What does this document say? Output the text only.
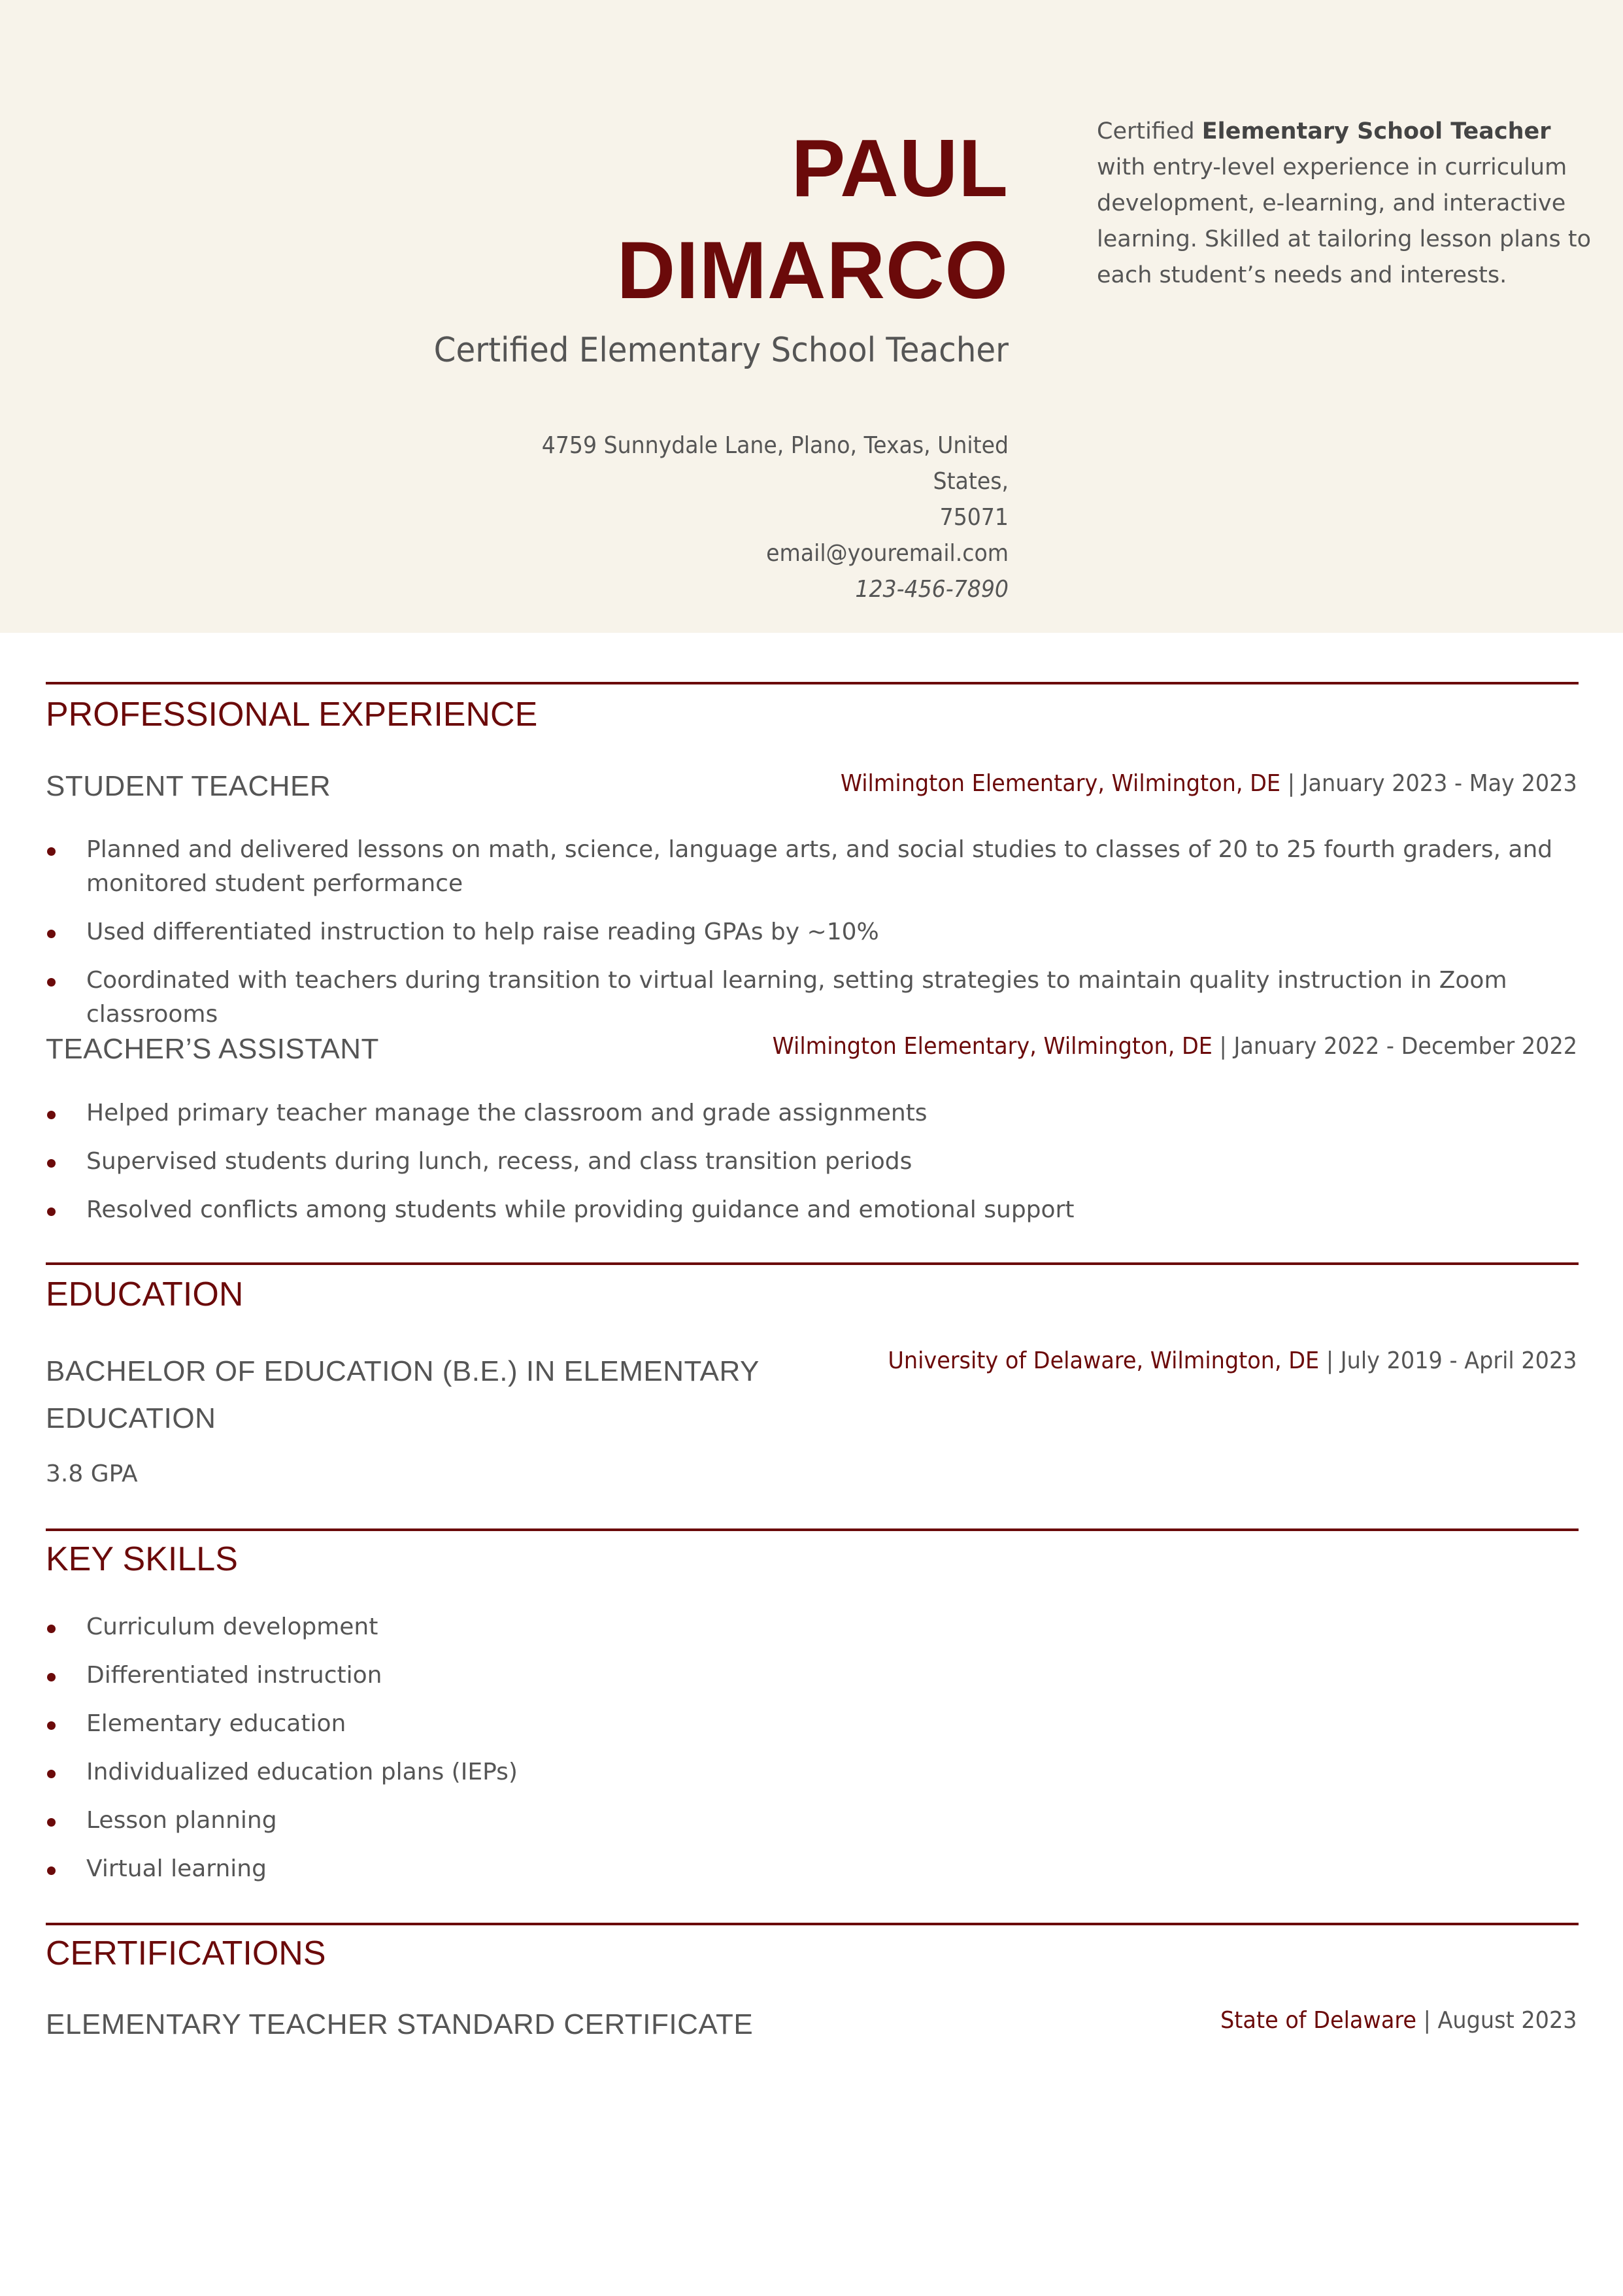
PAUL
DIMARCO
Certified Elementary School Teacher
4759 Sunnydale Lane, Plano, Texas, United States,
75071
email@youremail.com
123-456-7890
Certified Elementary School Teacher with entry-level experience in curriculum development, e-learning, and interactive learning. Skilled at tailoring lesson plans to each student’s needs and interests.
PROFESSIONAL EXPERIENCE
STUDENT TEACHER	Wilmington Elementary, Wilmington, DE | January 2023 - May 2023
Planned and delivered lessons on math, science, language arts, and social studies to classes of 20 to 25 fourth graders, and monitored student performance
Used differentiated instruction to help raise reading GPAs by ~10%
Coordinated with teachers during transition to virtual learning, setting strategies to maintain quality instruction in Zoom classrooms
TEACHER’S ASSISTANT	Wilmington Elementary, Wilmington, DE | January 2022 - December 2022
Helped primary teacher manage the classroom and grade assignments
Supervised students during lunch, recess, and class transition periods
Resolved conflicts among students while providing guidance and emotional support
EDUCATION
BACHELOR OF EDUCATION (B.E.) IN ELEMENTARY
EDUCATION
University of Delaware, Wilmington, DE | July 2019 - April 2023
3.8 GPA
KEY SKILLS
Curriculum development
Differentiated instruction
Elementary education
Individualized education plans (IEPs)
Lesson planning
Virtual learning
CERTIFICATIONS
ELEMENTARY TEACHER STANDARD CERTIFICATE	State of Delaware | August 2023
